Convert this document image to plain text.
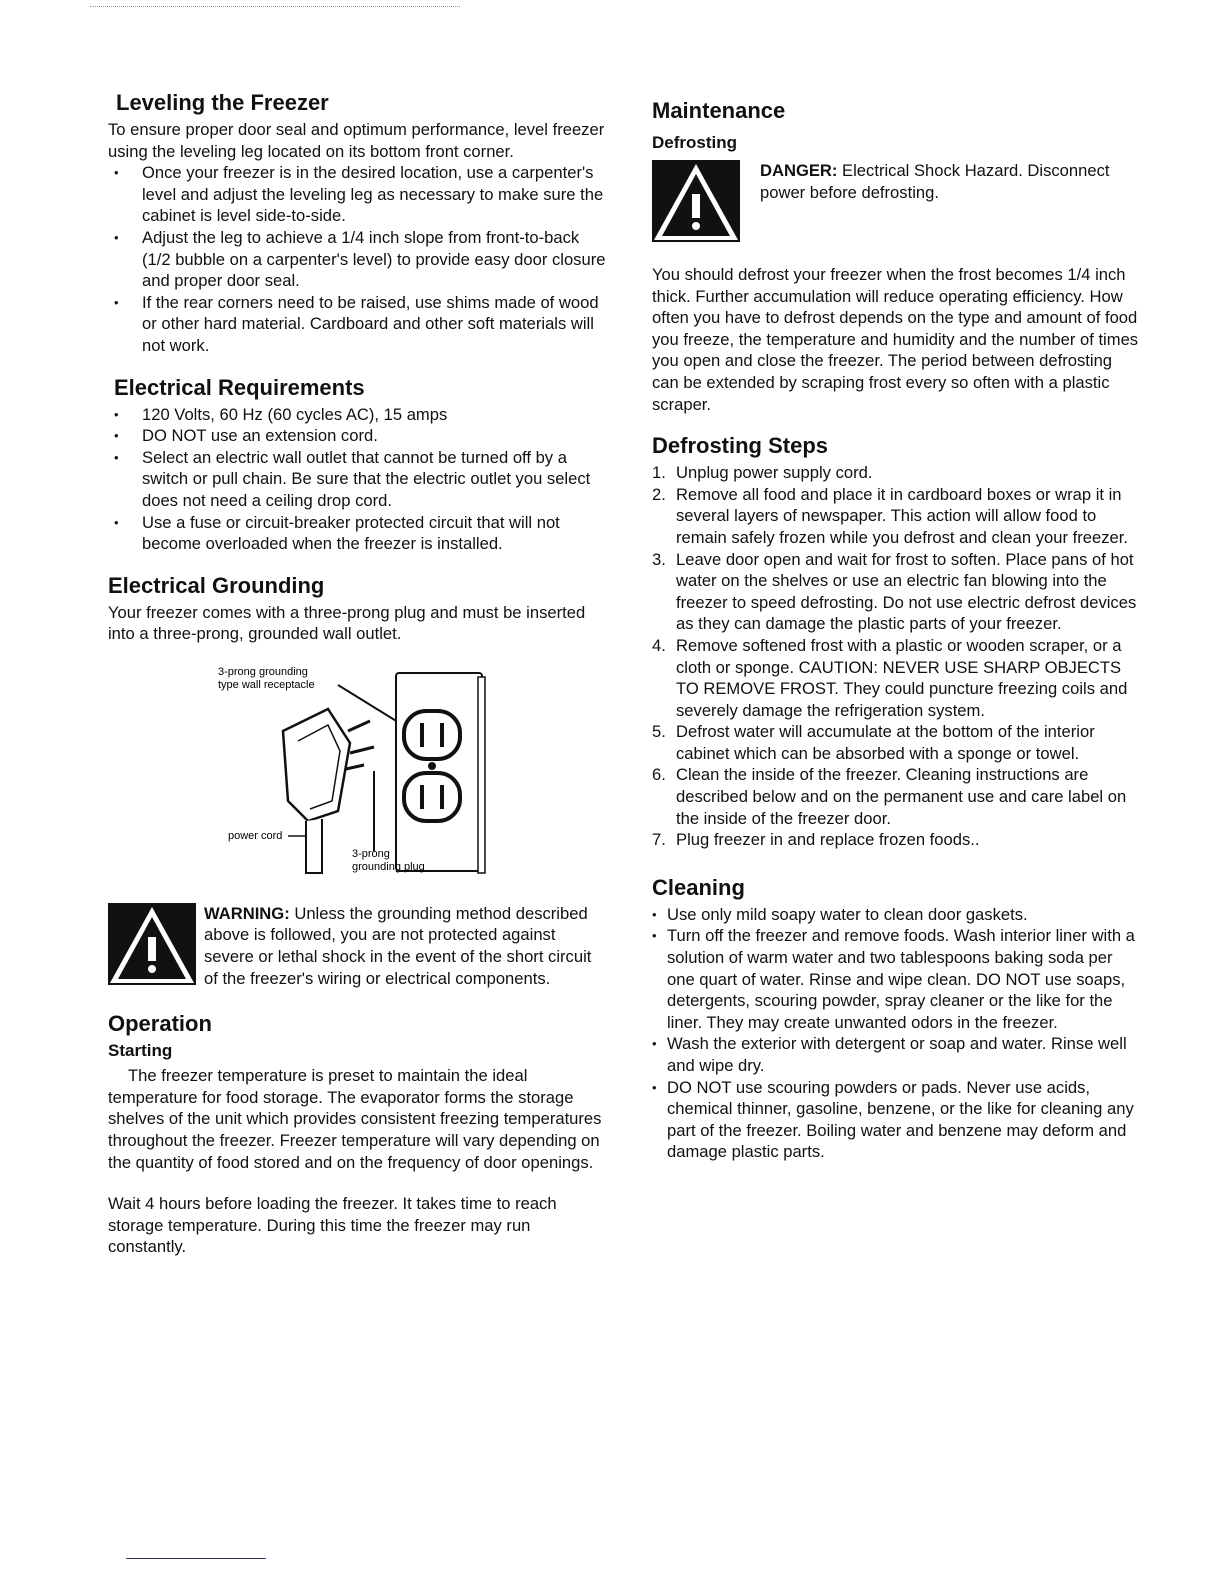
Leveling the Freezer

To ensure proper door seal and optimum performance, level freezer using the leveling leg located on its bottom front corner.

• Once your freezer is in the desired location, use a carpenter's level and adjust the leveling leg as necessary to make sure the cabinet is level side-to-side.
• Adjust the leg to achieve a 1/4 inch slope from front-to-back (1/2 bubble on a carpenter's level) to provide easy door closure and proper door seal.
• If the rear corners need to be raised, use shims made of wood or other hard material. Cardboard and other soft materials will not work.
Electrical Requirements
• 120 Volts, 60 Hz (60 cycles AC), 15 amps
• DO NOT use an extension cord.
• Select an electric wall outlet that cannot be turned off by a switch or pull chain. Be sure that the electric outlet you select does not need a ceiling drop cord.
• Use a fuse or circuit-breaker protected circuit that will not become overloaded when the freezer is installed.
Electrical Grounding

Your freezer comes with a three-prong plug and must be inserted into a three-prong, grounded wall outlet.

3-prong grounding
type wall receptacle
power cord
3-prong
grounding plug
WARNING: Unless the grounding method described above is followed, you are not protected against severe or lethal shock in the event of the short circuit of the freezer's wiring or electrical components.
Operation
Starting

The freezer temperature is preset to maintain the ideal temperature for food storage. The evaporator forms the storage shelves of the unit which provides consistent freezing temperatures throughout the freezer. Freezer temperature will vary depending on the quantity of food stored and on the frequency of door openings.

Wait 4 hours before loading the freezer. It takes time to reach storage temperature. During this time the freezer may run constantly.

Maintenance
Defrosting
DANGER: Electrical Shock Hazard. Disconnect power before defrosting.

You should defrost your freezer when the frost becomes 1/4 inch thick. Further accumulation will reduce operating efficiency. How often you have to defrost depends on the type and amount of food you freeze, the temperature and humidity and the number of times you open and close the freezer. The period between defrosting can be extended by scraping frost every so often with a plastic scraper.

Defrosting Steps
1. Unplug power supply cord.
2. Remove all food and place it in cardboard boxes or wrap it in several layers of newspaper. This action will allow food to remain safely frozen while you defrost and clean your freezer.
3. Leave door open and wait for frost to soften. Place pans of hot water on the shelves or use an electric fan blowing into the freezer to speed defrosting. Do not use electric defrost devices as they can damage the plastic parts of your freezer.
4. Remove softened frost with a plastic or wooden scraper, or a cloth or sponge. CAUTION: NEVER USE SHARP OBJECTS TO REMOVE FROST. They could puncture freezing coils and severely damage the refrigeration system.
5. Defrost water will accumulate at the bottom of the interior cabinet which can be absorbed with a sponge or towel.
6. Clean the inside of the freezer. Cleaning instructions are described below and on the permanent use and care label on the inside of the freezer door.
7. Plug freezer in and replace frozen foods..
Cleaning
• Use only mild soapy water to clean door gaskets.
• Turn off the freezer and remove foods. Wash interior liner with a solution of warm water and two tablespoons baking soda per one quart of water. Rinse and wipe clean. DO NOT use soaps, detergents, scouring powder, spray cleaner or the like for the liner. They may create unwanted odors in the freezer.
• Wash the exterior with detergent or soap and water. Rinse well and wipe dry.
• DO NOT use scouring powders or pads. Never use acids, chemical thinner, gasoline, benzene, or the like for cleaning any part of the freezer. Boiling water and benzene may deform and damage plastic parts.
